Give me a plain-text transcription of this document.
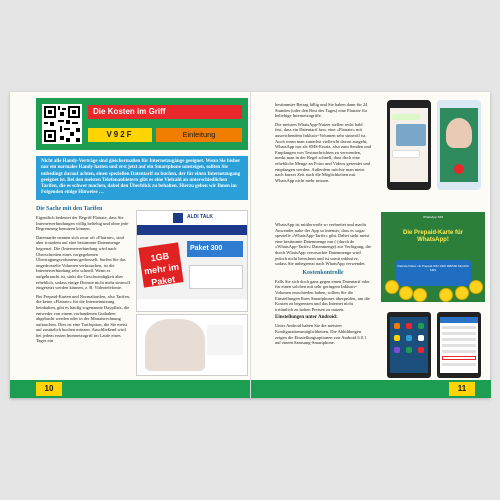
Die Kosten im Griff
V92F	Einleitung
Nicht alle Handy-Verträge sind gleichermaßen für Internetzugänge geeignet. Wenn Sie bisher nur ein normales Handy hatten und erst jetzt auf ein Smartphone umsteigen, sollten Sie unbedingt darauf achten, einen speziellen Datentarif zu buchen, der für einen Internetzugang geeignet ist. Bei den meisten Telefonanbietern gibt es eine Vielzahl an unterschiedlichen Tarifen, die es schwer machen, dabei den Überblick zu behalten. Hierzu geben wir Ihnen im Folgenden einige Hinweise …
Die Sache mit den Tarifen

Eigentlich bedeutet der Begriff Flatrate, dass Sie Internetverbindungen völlig beliebig und ohne jede Begrenzung benutzen können.

Datentarife nennen sich zwar oft »Flatrate«, sind aber trotzdem auf eine bestimmte Datenmenge begrenzt. Die (Internetverbindung wird nach Überschreiten eines vorgegebenen Übertragungsvolumens gedrosselt. Surfen Sie das ungedrosselte Volumen verbrauchen, ist die Internetverbindung sehr schnell. Wenn es aufgebraucht ist, sinkt die Geschwindigkeit aber erheblich, sodass einige Dienste nicht mehr sinnvoll eingesetzt werden können, z. B. Videotelefonie.

Bei Prepaid-Karten und Normaltarifen, also Tarifen, die keine »Flatrate« für die Internetnutzung beinhalten, gibt es häufig sogenannte Daypflats, die entweder von einem vorhandenen Guthaben abgebucht werden oder in der Monatsrechnung auftauchen. Dies ist eine Tarifoption, die Sie meist auf zusätzlich buchen müssen. Anschließend wird bei jedem ersten Internetzugriff im Laufe eines Tages ein

ALDI TALK
1GB mehr im Paket
Paket 300
10

bestimmter Betrag fällig und Sie haben dann für 24 Stunden (oder den Rest des Tages) eine Flatrate für beliebige Internetzugriffe.

Die meisten WhatsApp-Nutzer stellen recht bald fest, dass ein Datentarif bzw. eine »Flatrate« mit ausreichendem Inklusiv-Volumen sehr sinnvoll ist. Auch wenn man zunächst vielleicht davon ausgeht, WhatsApp nur als SMS-Ersatz, also zum Senden und Empfangen von Textnachrichten zu verwenden, merkt man in der Regel schnell, dass doch eine erhebliche Menge an Fotos und Videos gesendet und empfangen werden. Außerdem möchte man meist nach kurzer Zeit auch die Möglichkeiten mit WhatsApp nicht mehr missen.

WhatsApp ist mittlerweile so verbreitet und macht Anwender nahe der App so intensiv, dass es sogar spezielle »WhatsApp-Tarife« gibt. Dabei steht meist eine bestimmte Datenmenge nur ( (durch de »WhatsApp-Tarife« Datenmenge) zur Verfügung, die durch WhatsApp verursachte Datenmenge wird jedoch nicht berechnet und ist somit inklusive, sodass Sie unbegrenzt nach WhatsApp verwendet.

Kostenkontrolle

Falls Sie sich doch ganz gegen einen Datentarif oder für einen solchen mit sehr geringem Inklusiv-Volumen entschieden haben, sollten Sie die Einstellungen Ihres Smartphones überprüfen, um die Kosten zu begrenzen und das Internet nicht irrtümlich zu hohen Preisen zu nutzen.

Einstellungen unter Android:

Unter Android haben Sie die meisten Konfigurationsmöglichkeiten. Die Abbildungen zeigen die Einstellungsoptionen von Android 6.0.1 auf einem Samsung-Smartphone.

WhatsApp SIM
Die Prepaid-Karte für WhatsApp!
Flatrate-Paket mit Prepaid-SIM 1000 MB/500 Min/100 SMS
11
